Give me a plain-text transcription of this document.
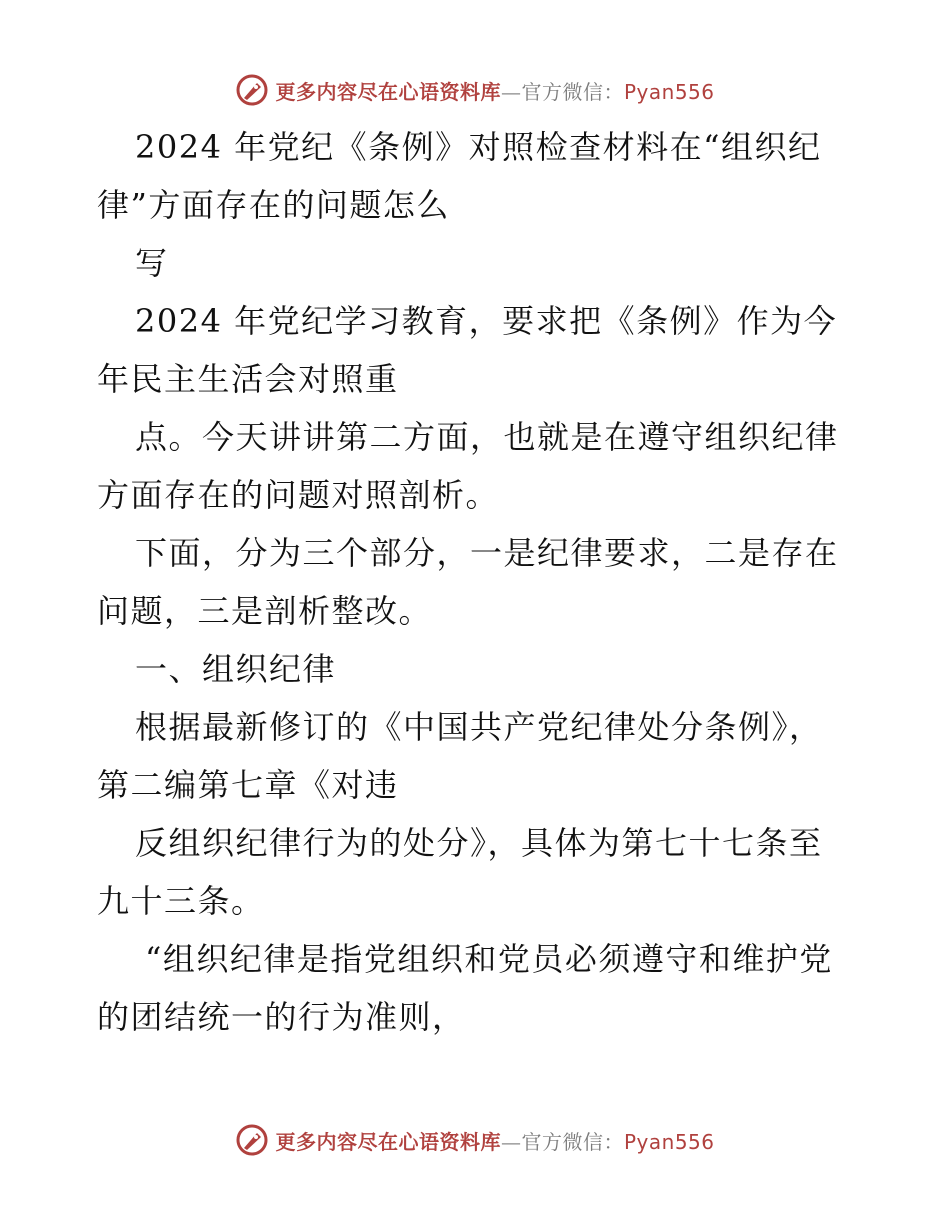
更多内容尽在心语资料库—官方微信：Pyan556
2024 年党纪《条例》对照检查材料在“组织纪
律”方面存在的问题怎么
写
2024 年党纪学习教育，要求把《条例》作为今
年民主生活会对照重
点。今天讲讲第二方面，也就是在遵守组织纪律
方面存在的问题对照剖析。
下面，分为三个部分，一是纪律要求，二是存在
问题，三是剖析整改。
一、组织纪律
根据最新修订的《中国共产党纪律处分条例》，
第二编第七章《对违
反组织纪律行为的处分》，具体为第七十七条至
九十三条。
“组织纪律是指党组织和党员必须遵守和维护党
的团结统一的行为准则，
更多内容尽在心语资料库—官方微信：Pyan556
